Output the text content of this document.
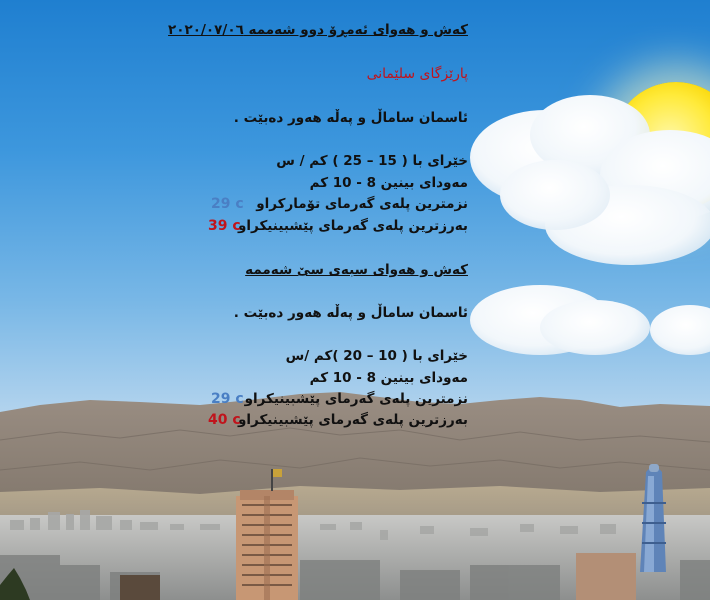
کەش و هەوای ئەمڕۆ دوو شەممە ٢٠٢٠/٠٧/٠٦
پارێزگای سلێمانی
ئاسمان ساماڵ و پەڵە هەور دەبێت .
خێرای با ( 15 – 25 ) کم / س
مەودای بینین 8 - 10 کم
نزمترین پلەی گەرمای تۆمارکراو
29 c
بەرزترین پلەی گەرمای پێشبینیکراو
39 c
کەش و هەوای سبەی سێ شەممە
ئاسمان ساماڵ و پەڵە هەور دەبێت .
خێرای با ( 10 – 20 )کم /س
مەودای بینین 8 - 10 کم
نزمترین پلەی گەرمای پێشبینیکراو
29 c
بەرزترین پلەی گەرمای پێشبینیکراو
40 c
